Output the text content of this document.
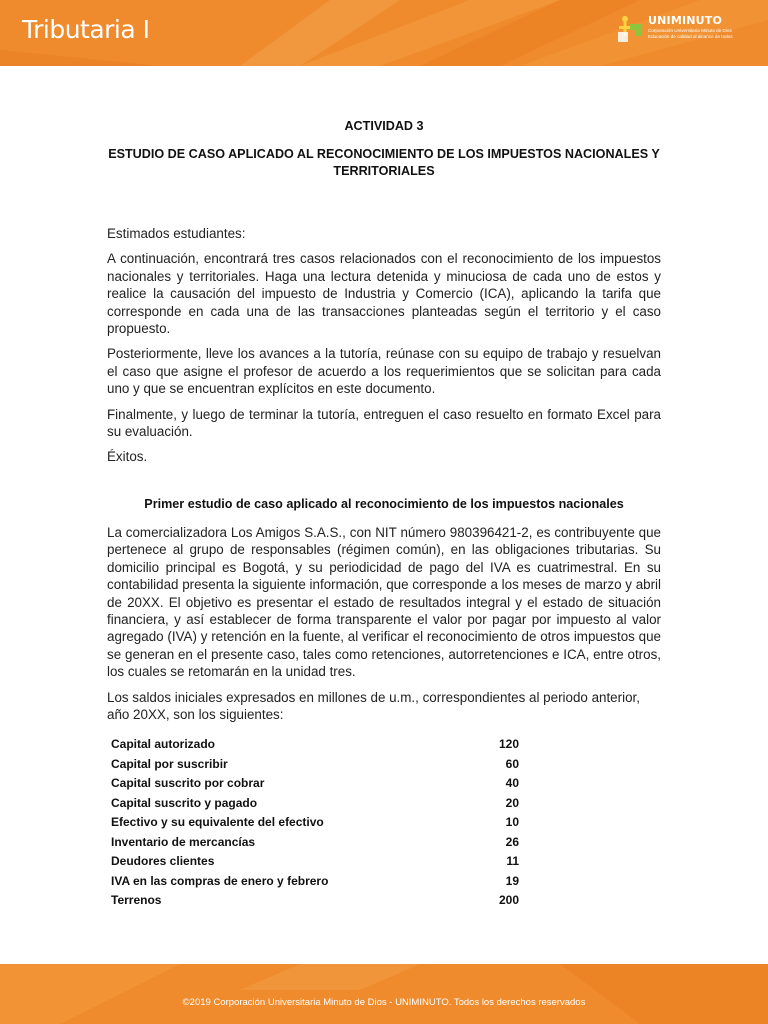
Tributaria I	UNIMINUTO
Corporación Universitaria Minuto de Dios
Educación de calidad al alcance de todos

ACTIVIDAD 3

ESTUDIO DE CASO APLICADO AL RECONOCIMIENTO DE LOS IMPUESTOS NACIONALES Y TERRITORIALES

Estimados estudiantes:

A continuación, encontrará tres casos relacionados con el reconocimiento de los impuestos nacionales y territoriales. Haga una lectura detenida y minuciosa de cada uno de estos y realice la causación del impuesto de Industria y Comercio (ICA), aplicando la tarifa que corresponde en cada una de las transacciones planteadas según el territorio y el caso propuesto.

Posteriormente, lleve los avances a la tutoría, reúnase con su equipo de trabajo y resuelvan el caso que asigne el profesor de acuerdo a los requerimientos que se solicitan para cada uno y que se encuentran explícitos en este documento.

Finalmente, y luego de terminar la tutoría, entreguen el caso resuelto en formato Excel para su evaluación.

Éxitos.

Primer estudio de caso aplicado al reconocimiento de los impuestos nacionales

La comercializadora Los Amigos S.A.S., con NIT número 980396421-2, es contribuyente que pertenece al grupo de responsables (régimen común), en las obligaciones tributarias. Su domicilio principal es Bogotá, y su periodicidad de pago del IVA es cuatrimestral. En su contabilidad presenta la siguiente información, que corresponde a los meses de marzo y abril de 20XX. El objetivo es presentar el estado de resultados integral y el estado de situación financiera, y así establecer de forma transparente el valor por pagar por impuesto al valor agregado (IVA) y retención en la fuente, al verificar el reconocimiento de otros impuestos que se generan en el presente caso, tales como retenciones, autorretenciones e ICA, entre otros, los cuales se retomarán en la unidad tres.

Los saldos iniciales expresados en millones de u.m., correspondientes al periodo anterior, año 20XX, son los siguientes:

Capital autorizado	120
Capital por suscribir	60
Capital suscrito por cobrar	40
Capital suscrito y pagado	20
Efectivo y su equivalente del efectivo	10
Inventario de mercancías	26
Deudores clientes	11
IVA en las compras de enero y febrero	19
Terrenos	200
©2019 Corporación Universitaria Minuto de Dios - UNIMINUTO. Todos los derechos reservados
